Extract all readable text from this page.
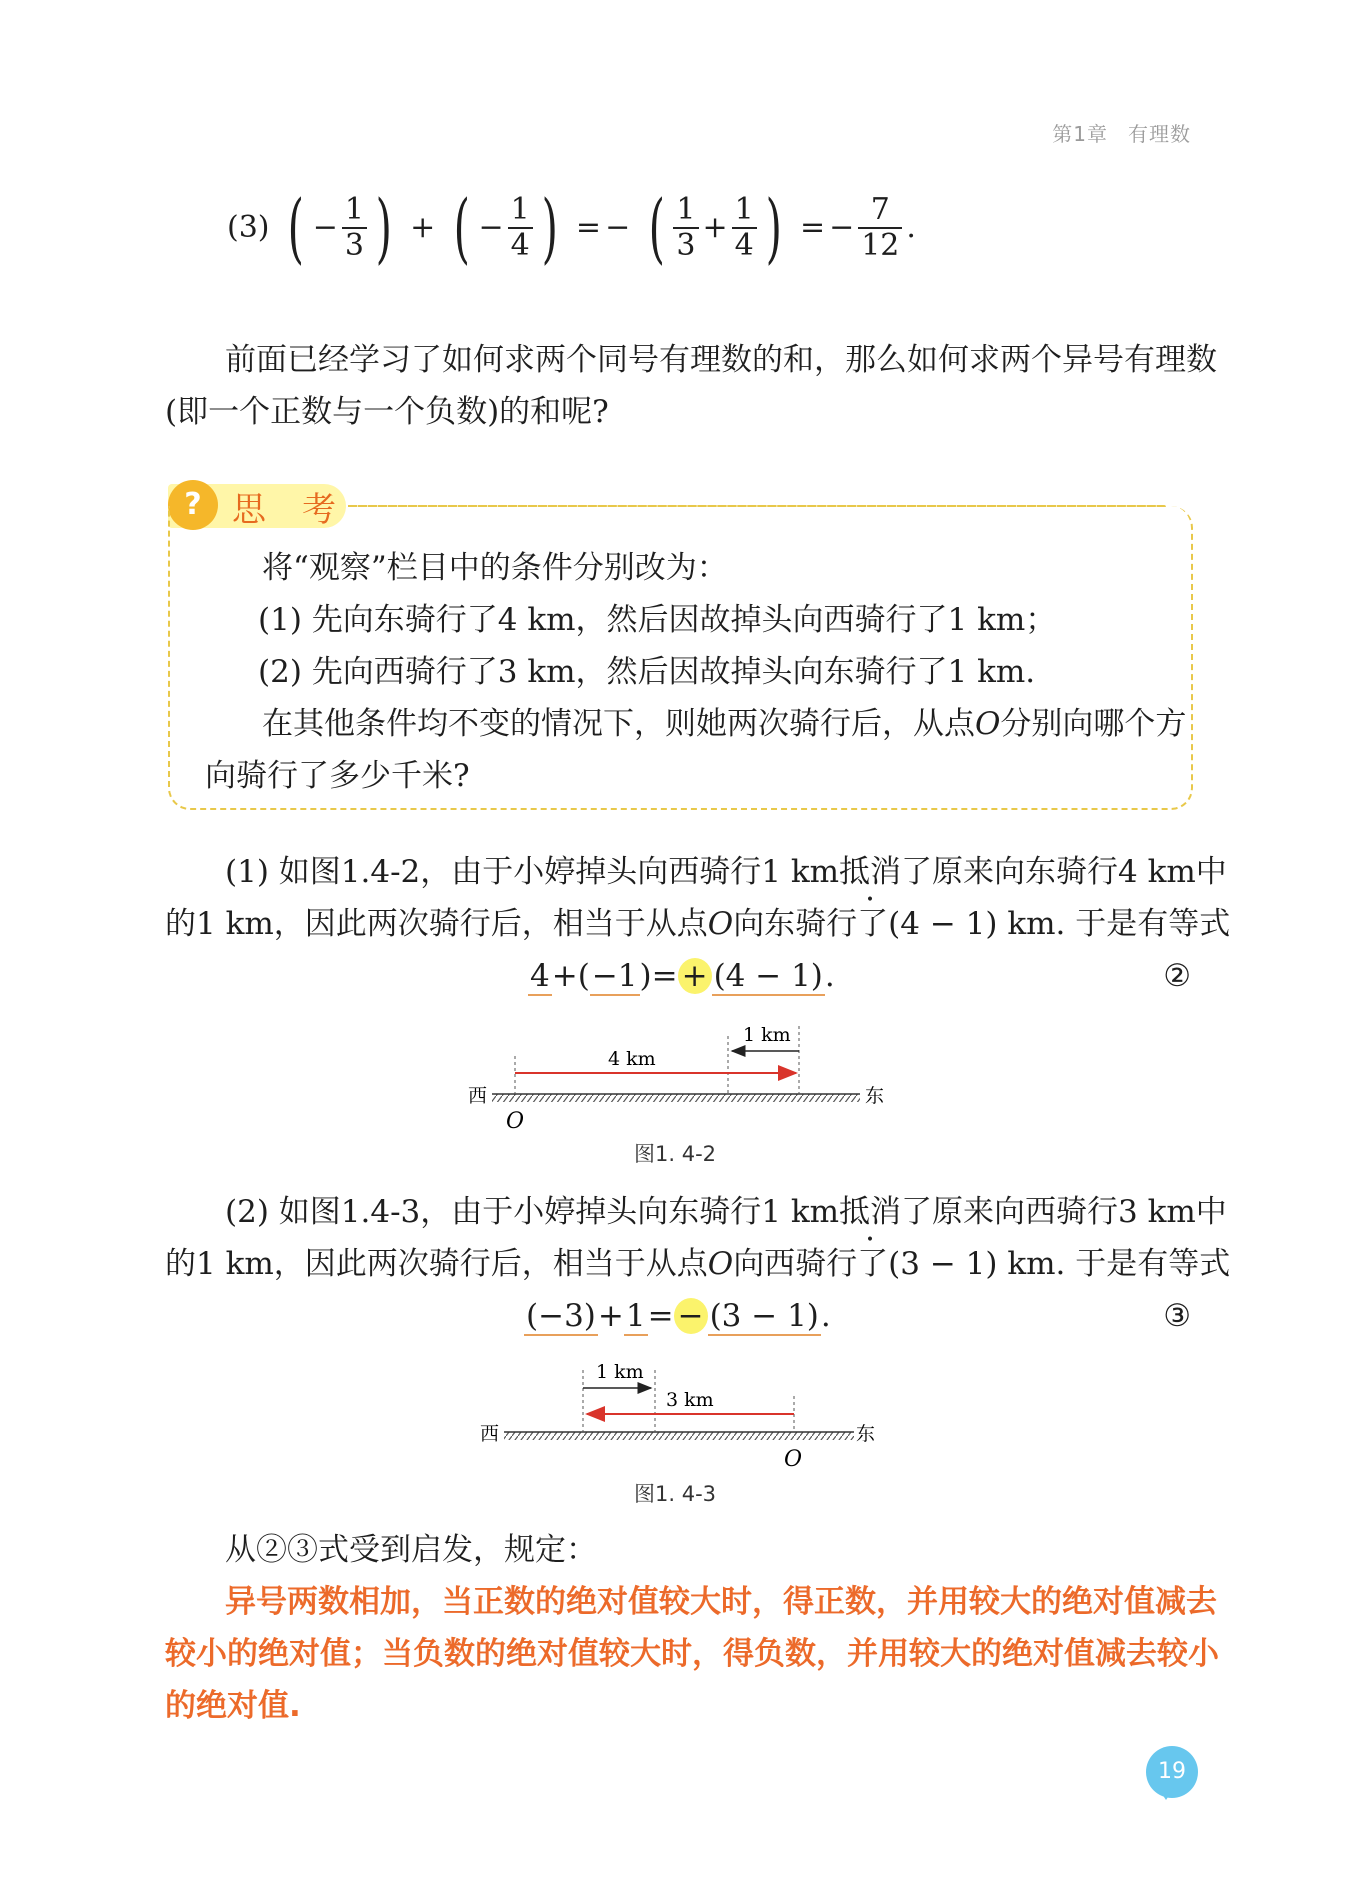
第1章 有理数
(3) ( − $\frac{1}{3}$ ) + ( − $\frac{1}{4}$ ) = − ( $\frac{1}{3} + \frac{1}{4}$ ) = − $\frac{7}{12}$ .
前面已经学习了如何求两个同号有理数的和，那么如何求两个异号有理数
(即一个正数与一个负数)的和呢?
? 思考
将“观察”栏目中的条件分别改为：
(1) 先向东骑行了4 km，然后因故掉头向西骑行了1 km；
(2) 先向西骑行了3 km，然后因故掉头向东骑行了1 km.
在其他条件均不变的情况下，则她两次骑行后，从点O分别向哪个方
向骑行了多少千米?
(1) 如图1.4-2，由于小婷掉头向西骑行1 km抵消了原来向东骑行4 km中
的1 km，因此两次骑行后，相当于从点O向东骑行了(4 − 1) km. 于是有等式
4+(−1)= + (4 − 1).	②
4 km
1 km
西	东
O
图1. 4-2
(2) 如图1.4-3，由于小婷掉头向东骑行1 km抵消了原来向西骑行3 km中
的1 km，因此两次骑行后，相当于从点O向西骑行了(3 − 1) km. 于是有等式
(−3)+1= − (3 − 1).	③
1 km
3 km
西	东
O
图1. 4-3
从②③式受到启发，规定：
异号两数相加，当正数的绝对值较大时，得正数，并用较大的绝对值减去
较小的绝对值；当负数的绝对值较大时，得负数，并用较大的绝对值减去较小
的绝对值.
19
